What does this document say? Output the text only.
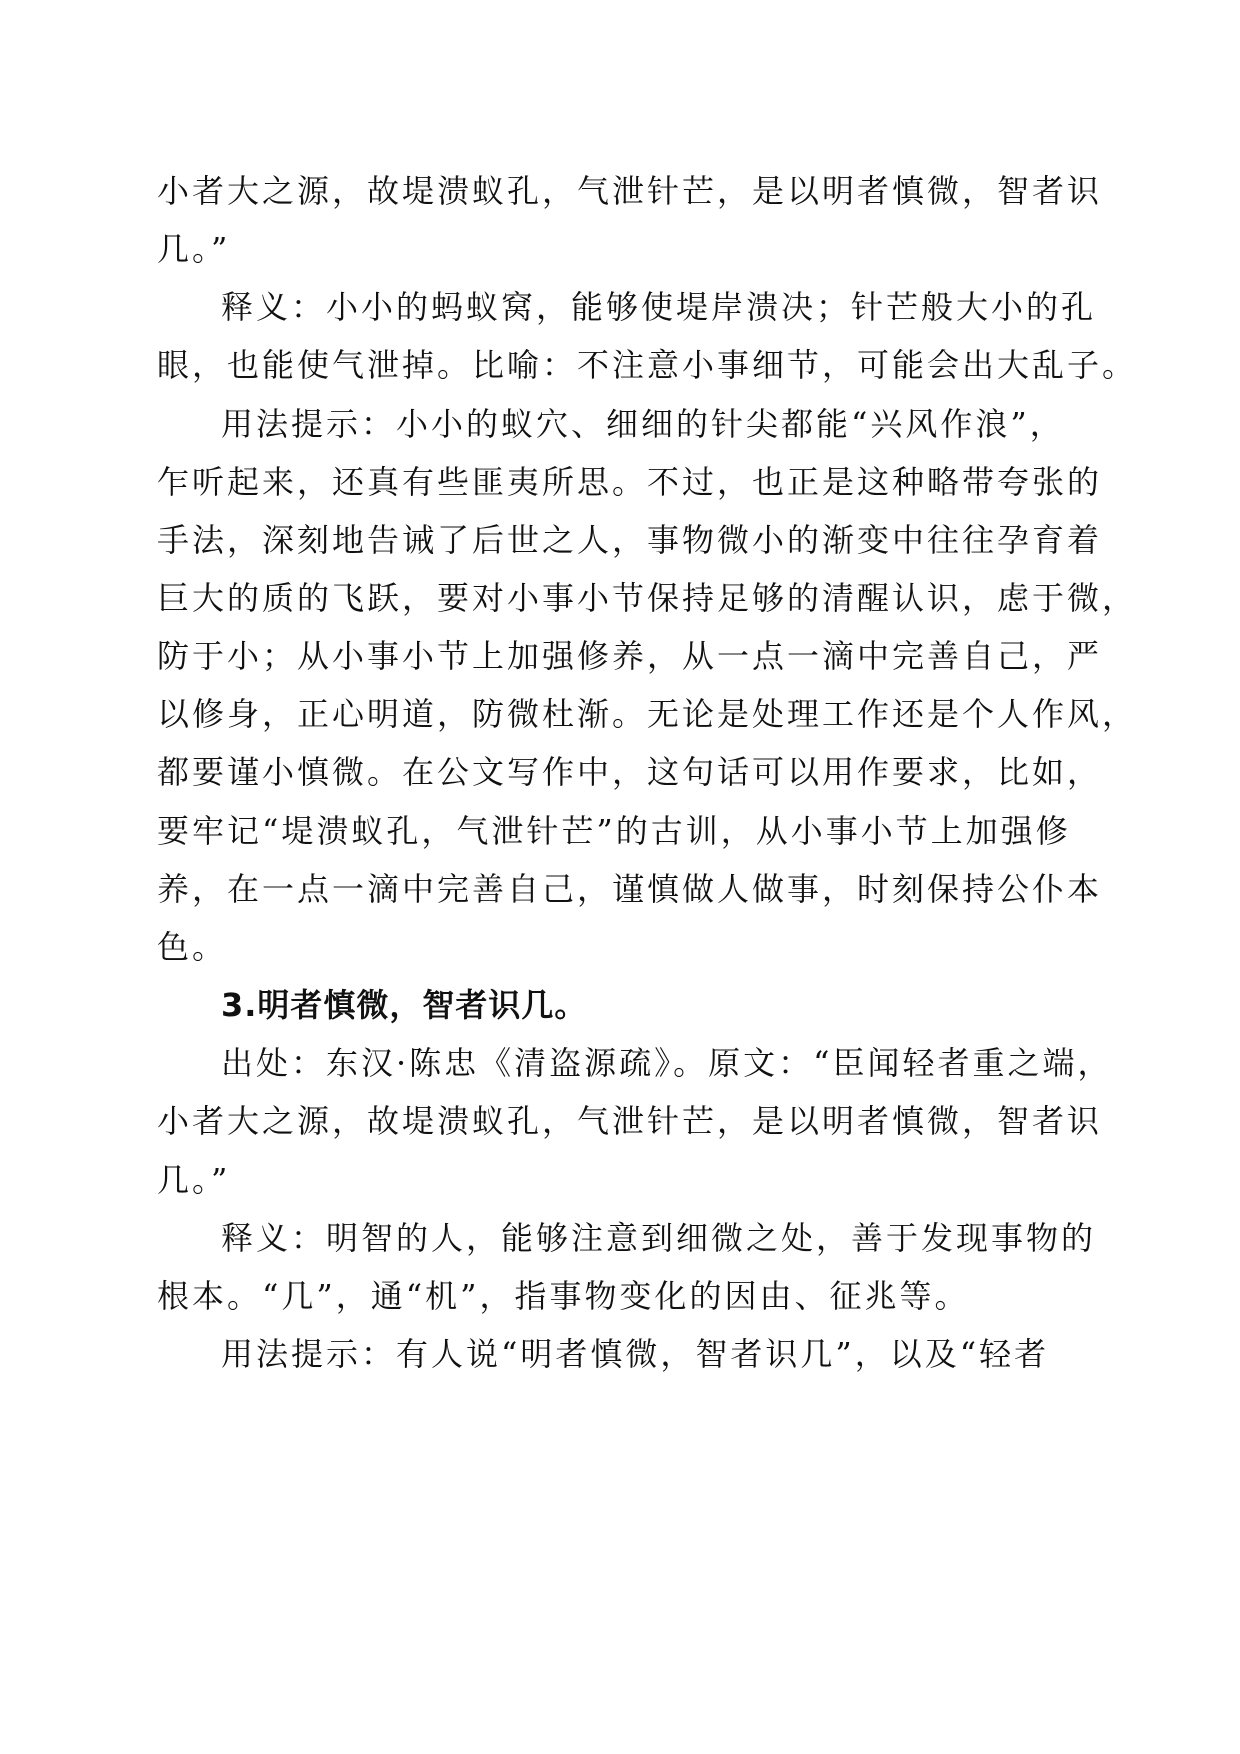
小者大之源，故堤溃蚁孔，气泄针芒，是以明者慎微，智者识
几。”
释义：小小的蚂蚁窝，能够使堤岸溃决；针芒般大小的孔
眼，也能使气泄掉。比喻：不注意小事细节，可能会出大乱子。
用法提示：小小的蚁穴、细细的针尖都能“兴风作浪”，
乍听起来，还真有些匪夷所思。不过，也正是这种略带夸张的
手法，深刻地告诫了后世之人，事物微小的渐变中往往孕育着
巨大的质的飞跃，要对小事小节保持足够的清醒认识，虑于微，
防于小；从小事小节上加强修养，从一点一滴中完善自己，严
以修身，正心明道，防微杜渐。无论是处理工作还是个人作风，
都要谨小慎微。在公文写作中，这句话可以用作要求，比如，
要牢记“堤溃蚁孔，气泄针芒”的古训，从小事小节上加强修
养，在一点一滴中完善自己，谨慎做人做事，时刻保持公仆本
色。
3.明者慎微，智者识几。
出处：东汉·陈忠《清盗源疏》。原文：“臣闻轻者重之端，
小者大之源，故堤溃蚁孔，气泄针芒，是以明者慎微，智者识
几。”
释义：明智的人，能够注意到细微之处，善于发现事物的
根本。“几”，通“机”，指事物变化的因由、征兆等。
用法提示：有人说“明者慎微，智者识几”，以及“轻者
